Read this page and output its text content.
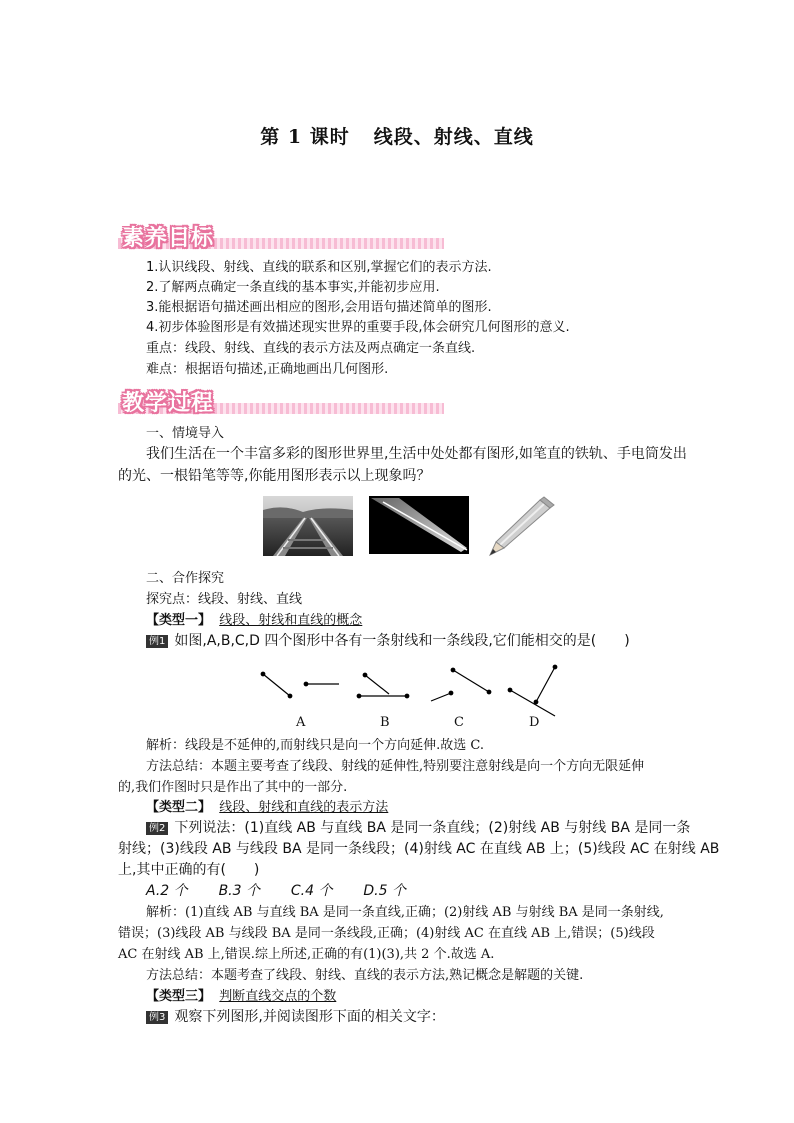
第 1 课时 线段、射线、直线
素养目标
1.认识线段、射线、直线的联系和区别,掌握它们的表示方法.
2.了解两点确定一条直线的基本事实,并能初步应用.
3.能根据语句描述画出相应的图形,会用语句描述简单的图形.
4.初步体验图形是有效描述现实世界的重要手段,体会研究几何图形的意义.
重点：线段、射线、直线的表示方法及两点确定一条直线.
难点：根据语句描述,正确地画出几何图形.
教学过程
一、情境导入
我们生活在一个丰富多彩的图形世界里,生活中处处都有图形,如笔直的铁轨、手电筒发出
的光、一根铅笔等等,你能用图形表示以上现象吗？
二、合作探究
探究点：线段、射线、直线
【类型一】 线段、射线和直线的概念
例1 如图,A,B,C,D 四个图形中各有一条射线和一条线段,它们能相交的是(　　)
A	B	C	D
解析：线段是不延伸的,而射线只是向一个方向延伸.故选 C.
方法总结：本题主要考查了线段、射线的延伸性,特别要注意射线是向一个方向无限延伸
的,我们作图时只是作出了其中的一部分.
【类型二】 线段、射线和直线的表示方法
例2 下列说法：(1)直线 AB 与直线 BA 是同一条直线；(2)射线 AB 与射线 BA 是同一条
射线；(3)线段 AB 与线段 BA 是同一条线段；(4)射线 AC 在直线 AB 上；(5)线段 AC 在射线 AB
上,其中正确的有(　　)
A.2 个 B.3 个 C.4 个 D.5 个
解析：(1)直线 AB 与直线 BA 是同一条直线,正确；(2)射线 AB 与射线 BA 是同一条射线,
错误；(3)线段 AB 与线段 BA 是同一条线段,正确；(4)射线 AC 在直线 AB 上,错误；(5)线段
AC 在射线 AB 上,错误.综上所述,正确的有(1)(3),共 2 个.故选 A.
方法总结：本题考查了线段、射线、直线的表示方法,熟记概念是解题的关键.
【类型三】 判断直线交点的个数
例3 观察下列图形,并阅读图形下面的相关文字：
